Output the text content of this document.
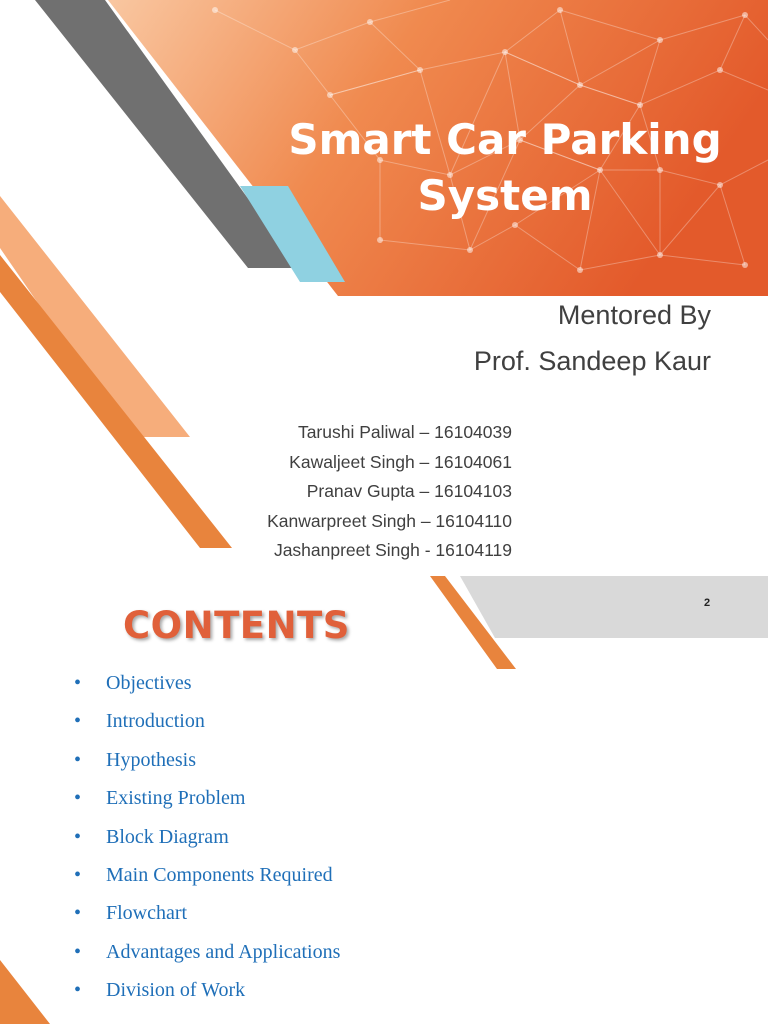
Smart Car Parking
System
Mentored By
Prof. Sandeep Kaur
Tarushi Paliwal – 16104039
Kawaljeet Singh – 16104061
Pranav Gupta – 16104103
Kanwarpreet Singh – 16104110
Jashanpreet Singh - 16104119
2
CONTENTS
• Objectives
• Introduction
• Hypothesis
• Existing Problem
• Block Diagram
• Main Components Required
• Flowchart
• Advantages and Applications
• Division of Work
